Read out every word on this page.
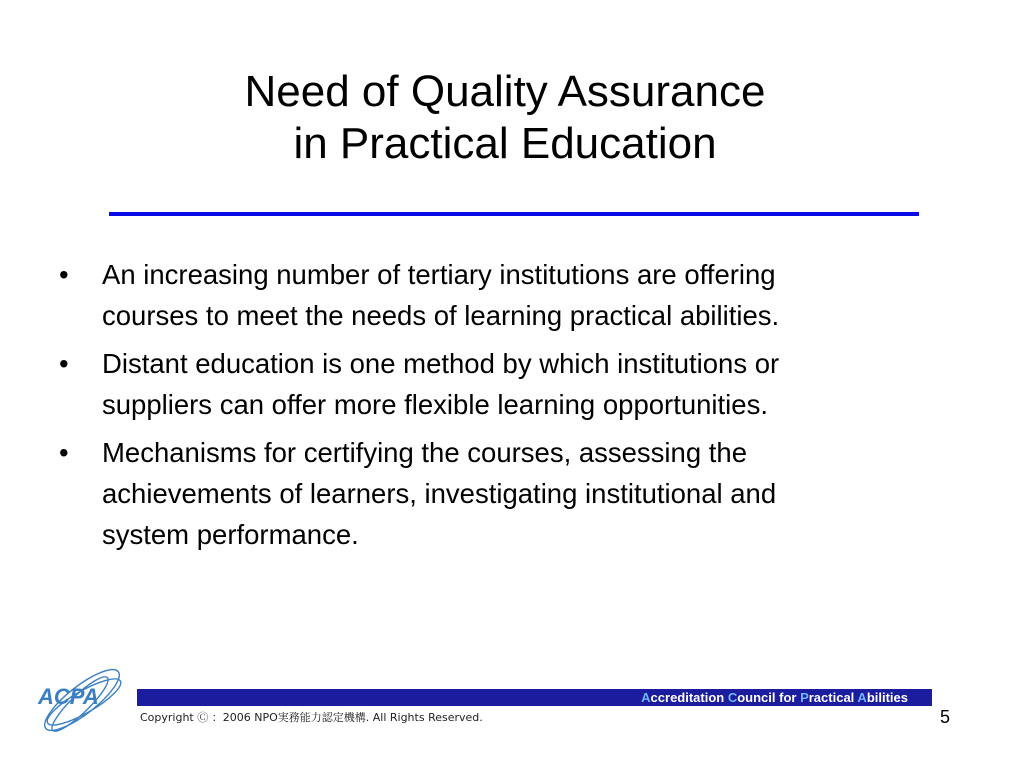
Need of Quality Assurance
in Practical Education
• An increasing number of tertiary institutions are offering
courses to meet the needs of learning practical abilities.
• Distant education is one method by which institutions or
suppliers can offer more flexible learning opportunities.
• Mechanisms for certifying the courses, assessing the
achievements of learners, investigating institutional and
system performance.
ACPA	Accreditation Council for Practical Abilities
Copyright Ⓒ ：2006 NPO実務能力認定機構. All Rights Reserved.	5
